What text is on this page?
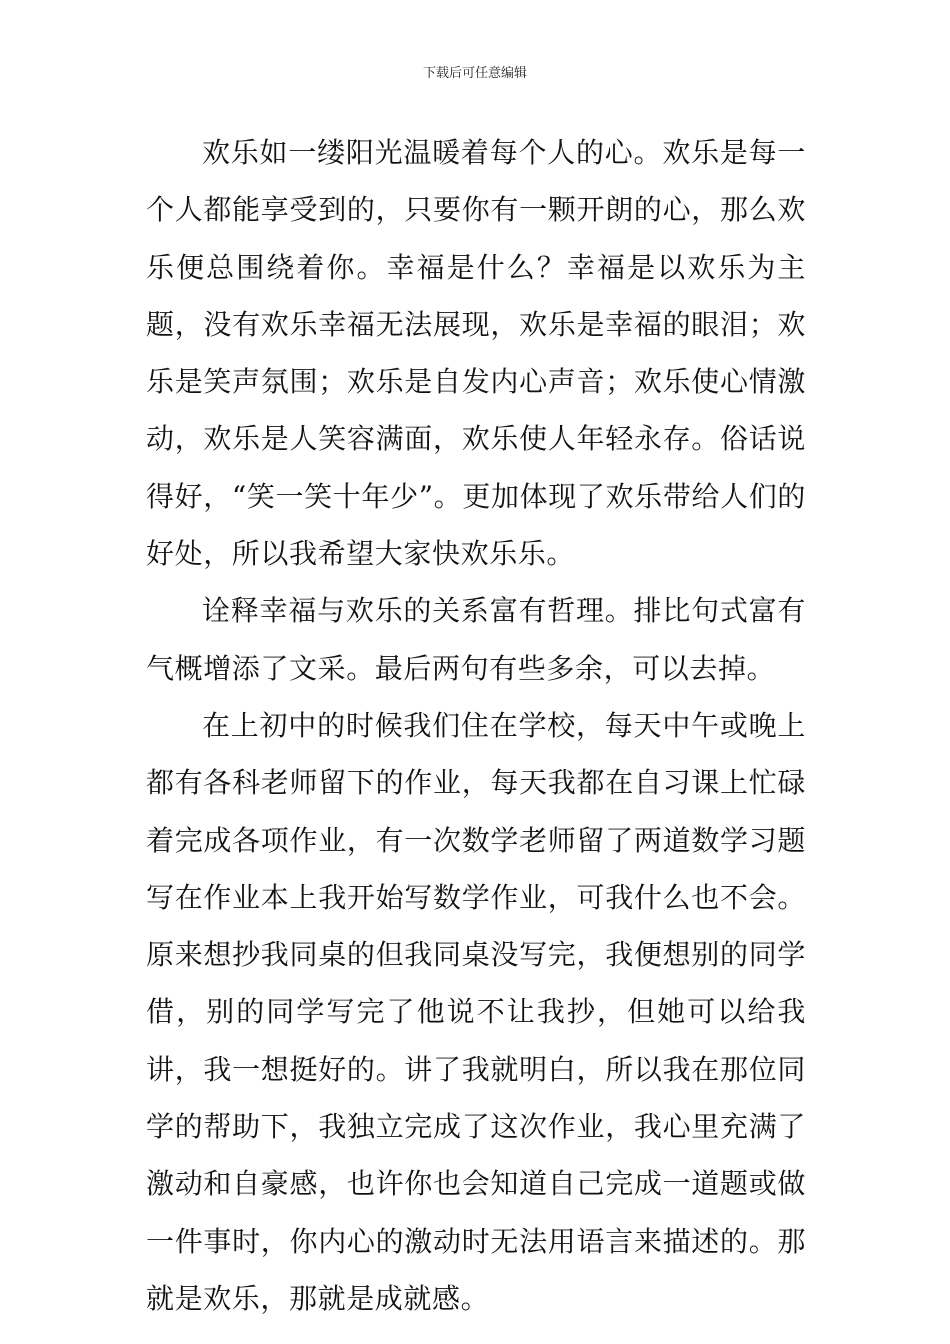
下载后可任意编辑

欢乐如一缕阳光温暖着每个人的心。欢乐是每一个人都能享受到的，只要你有一颗开朗的心，那么欢乐便总围绕着你。幸福是什么？幸福是以欢乐为主题，没有欢乐幸福无法展现，欢乐是幸福的眼泪；欢乐是笑声氛围；欢乐是自发内心声音；欢乐使心情激动，欢乐是人笑容满面，欢乐使人年轻永存。俗话说得好，“笑一笑十年少”。更加体现了欢乐带给人们的好处，所以我希望大家快欢乐乐。

诠释幸福与欢乐的关系富有哲理。排比句式富有气概增添了文采。最后两句有些多余，可以去掉。

在上初中的时候我们住在学校，每天中午或晚上都有各科老师留下的作业，每天我都在自习课上忙碌着完成各项作业，有一次数学老师留了两道数学习题写在作业本上我开始写数学作业，可我什么也不会。原来想抄我同桌的但我同桌没写完，我便想别的同学借，别的同学写完了他说不让我抄，但她可以给我讲，我一想挺好的。讲了我就明白，所以我在那位同学的帮助下，我独立完成了这次作业，我心里充满了激动和自豪感，也许你也会知道自己完成一道题或做一件事时，你内心的激动时无法用语言来描述的。那就是欢乐，那就是成就感。
